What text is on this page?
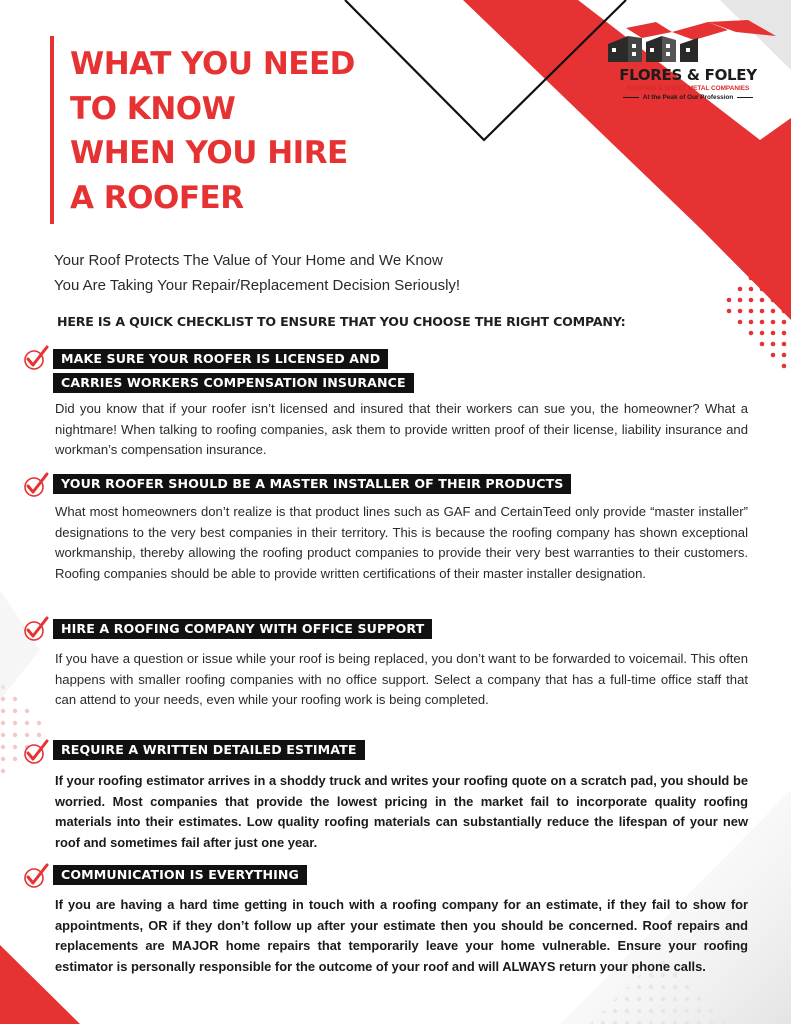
WHAT YOU NEED
TO KNOW
WHEN YOU HIRE
A ROOFER
FLORES & FOLEY
ROOFING & SHEET METAL COMPANIES
At the Peak of Our Profession
Your Roof Protects The Value of Your Home and We Know
You Are Taking Your Repair/Replacement Decision Seriously!
HERE IS A QUICK CHECKLIST TO ENSURE THAT YOU CHOOSE THE RIGHT COMPANY:
MAKE SURE YOUR ROOFER IS LICENSED AND
CARRIES WORKERS COMPENSATION INSURANCE
Did you know that if your roofer isn’t licensed and insured that their workers can sue you, the homeowner? What a nightmare! When talking to roofing companies, ask them to provide written proof of their license, liability insurance and workman’s compensation insurance.
YOUR ROOFER SHOULD BE A MASTER INSTALLER OF THEIR PRODUCTS
What most homeowners don’t realize is that product lines such as GAF and CertainTeed only provide “master installer” designations to the very best companies in their territory. This is because the roofing company has shown exceptional workmanship, thereby allowing the roofing product companies to provide their very best warranties to their customers. Roofing companies should be able to provide written certifications of their master installer designation.
HIRE A ROOFING COMPANY WITH OFFICE SUPPORT
If you have a question or issue while your roof is being replaced, you don’t want to be forwarded to voicemail. This often happens with smaller roofing companies with no office support. Select a company that has a full-time office staff that can attend to your needs, even while your roofing work is being completed.
REQUIRE A WRITTEN DETAILED ESTIMATE
If your roofing estimator arrives in a shoddy truck and writes your roofing quote on a scratch pad, you should be worried. Most companies that provide the lowest pricing in the market fail to incorporate quality roofing materials into their estimates. Low quality roofing materials can substantially reduce the lifespan of your new roof and sometimes fail after just one year.
COMMUNICATION IS EVERYTHING
If you are having a hard time getting in touch with a roofing company for an estimate, if they fail to show for appointments, OR if they don’t follow up after your estimate then you should be concerned. Roof repairs and replacements are MAJOR home repairs that temporarily leave your home vulnerable. Ensure your roofing estimator is personally responsible for the outcome of your roof and will ALWAYS return your phone calls.
